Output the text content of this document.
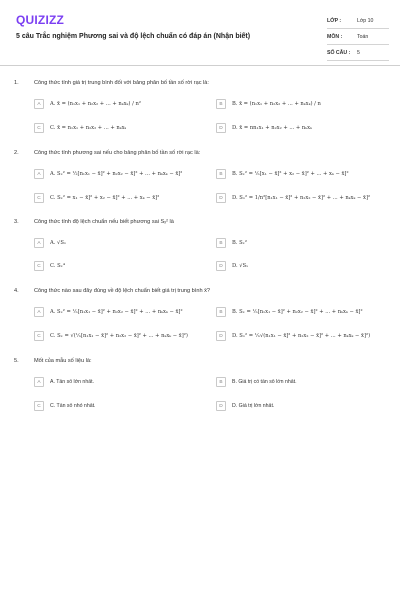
QUIZIZZ
5 câu Trắc nghiệm Phương sai và độ lệch chuẩn có đáp án (Nhận biết)
LỚP :	Lớp 10
MÔN :	Toán
SỐ CÂU :	5
1.	Công thức tính giá trị trung bình đối với bảng phân bố tần số rời rạc là:
A	A. x̄ = (n₁x₁ + n₂x₂ + ... + nₖxₖ) / n²	B	B. x̄ = (n₁x₁ + n₂x₂ + ... + nₖxₖ) / n
C	C. x̄ = n₁x₁ + n₂x₂ + ... + nₖxₖ	D	D. x̄ = nn₁x₁ + n₂x₂ + ... + nₖxₖ
2.	Công thức tính phương sai nếu cho bảng phân bố tần số rời rạc là:
A	A. Sₓ² = ½[n₁x₁ − x̄]² + n₂x₂ − x̄]² + ... + nₖxₖ − x̄]²	B	B. Sₓ² = ⅟ₙ[x₁ − x̄]² + x₂ − x̄]² + ... + xₖ − x̄]²
C	C. Sₓ² = x₁ − x̄]² + x₂ − x̄]² + ... + xₖ − x̄]²	D	D. Sₓ² = 1/n²[n₁x₁ − x̄]² + n₂x₂ − x̄]² + ... + nₖxₖ − x̄]²
3.	Công thức tính độ lệch chuẩn nếu biết phương sai Sₓ² là
A	A. √Sₓ	B	B. Sₓ²
C	C. Sₓ⁴	D	D. √Sₓ
4.	Công thức nào sau đây đúng về độ lệch chuẩn biết giá trị trung bình x̄?
A	A. Sₓ² = ⅟ₙ[n₁x₁ − x̄]² + n₂x₂ − x̄]² + ... + nₖxₖ − x̄]²	B	B. Sₓ = ⅟ₙ[n₁x₁ − x̄]² + n₂x₂ − x̄]² + ... + nₖxₖ − x̄]²
C	C. Sₓ = √(⅟ₙ[n₁x₁ − x̄]² + n₂x₂ − x̄]² + ... + nₖxₖ − x̄]²)	D	D. Sₓ² = ⅟ₙ√(n₁x₁ − x̄]² + n₂x₂ − x̄]² + ... + nₖxₖ − x̄]²)
5.	Mốt của mẫu số liệu là:
A	A. Tần số lớn nhất.	B	B. Giá trị có tần số lớn nhất.
C	C. Tần số nhỏ nhất.	D	D. Giá trị lớn nhất.
